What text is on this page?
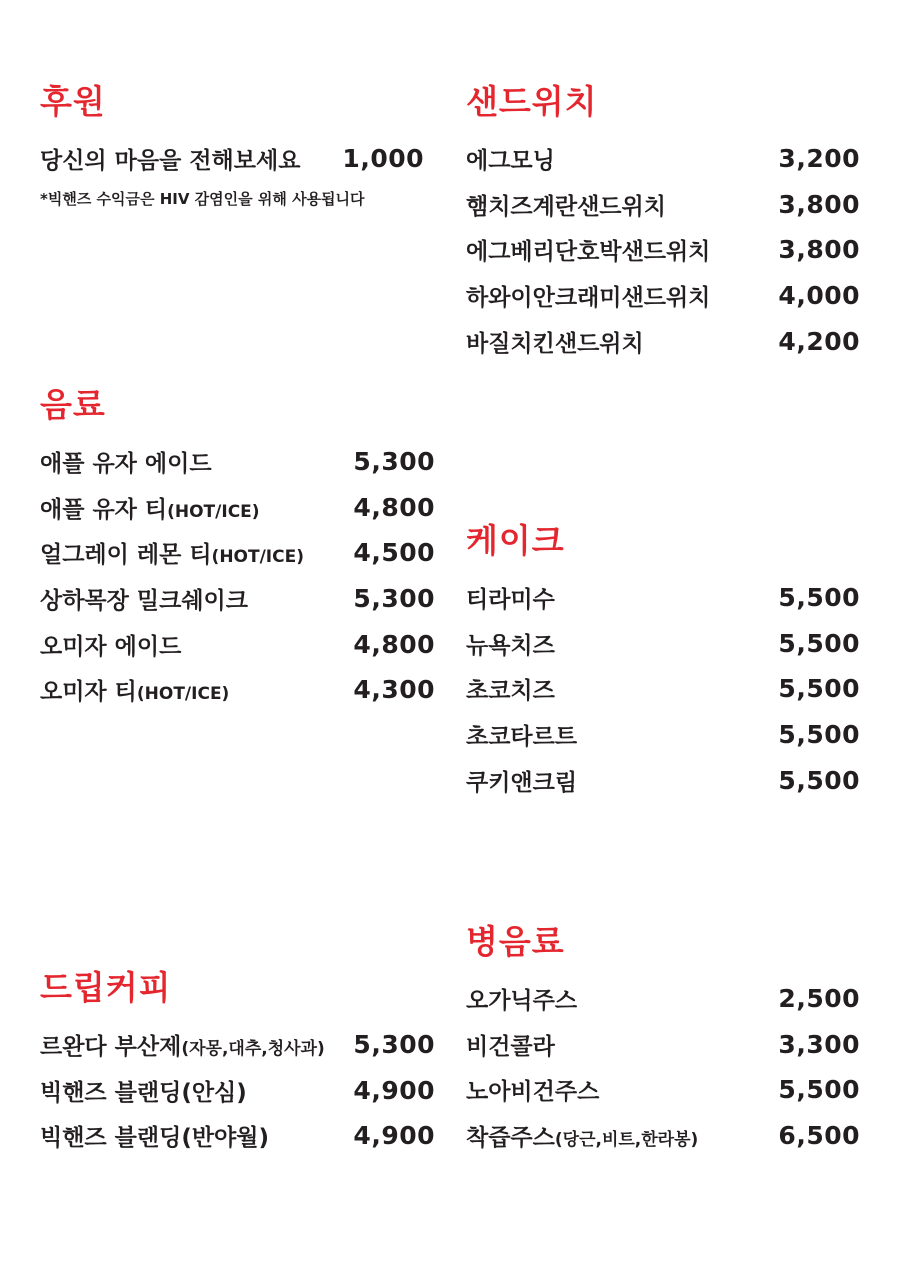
후원
당신의 마음을 전해보세요 1,000
*빅핸즈 수익금은 HIV 감염인을 위해 사용됩니다
샌드위치
에그모닝	3,200
햄치즈계란샌드위치	3,800
에그베리단호박샌드위치	3,800
하와이안크래미샌드위치	4,000
바질치킨샌드위치	4,200
음료
애플 유자 에이드	5,300
애플 유자 티(HOT/ICE)	4,800
얼그레이 레몬 티(HOT/ICE) 4,500
상하목장 밀크쉐이크	5,300
오미자 에이드	4,800
오미자 티(HOT/ICE)	4,300
케이크
티라미수	5,500
뉴욕치즈	5,500
초코치즈	5,500
초코타르트	5,500
쿠키앤크림	5,500
병음료
오가닉주스	2,500
비건콜라	3,300
노아비건주스	5,500
착즙주스(당근,비트,한라봉)	6,500
드립커피
르완다 부산제(자몽,대추,청사과) 5,300
빅핸즈 블랜딩(안심)	4,900
빅핸즈 블랜딩(반야월)	4,900
